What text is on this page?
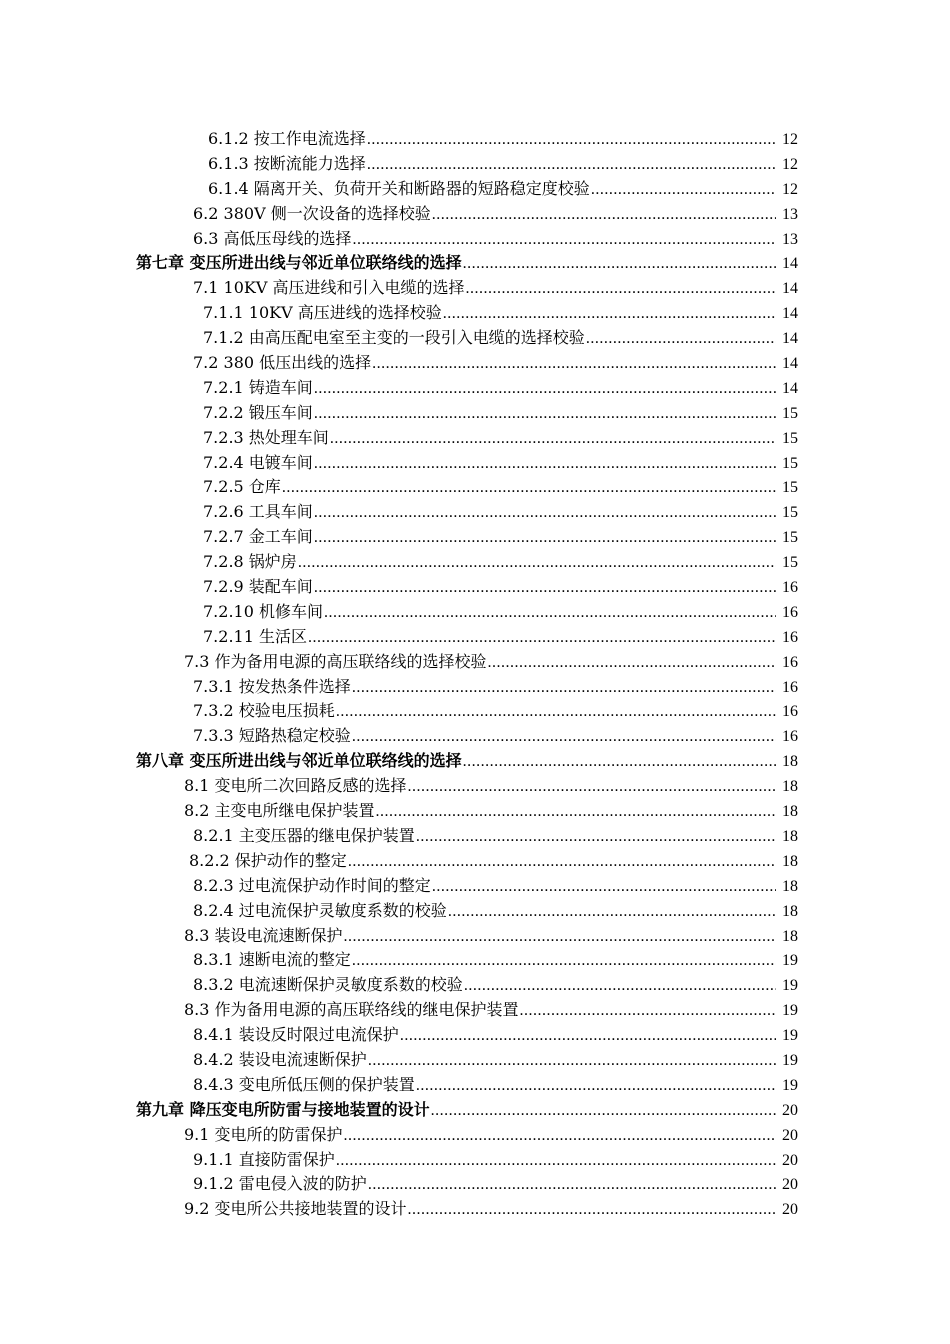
6.1.2 按工作电流选择 .....	12
6.1.3 按断流能力选择 .....	12
6.1.4 隔离开关、负荷开关和断路器的短路稳定度校验 .....	12
6.2 380V 侧一次设备的选择校验 .....	13
6.3 高低压母线的选择 .....	13
第七章 变压所进出线与邻近单位联络线的选择 .....	14
7.1 10KV 高压进线和引入电缆的选择 .....	14
7.1.1 10KV 高压进线的选择校验 .....	14
7.1.2 由高压配电室至主变的一段引入电缆的选择校验 .....	14
7.2 380 低压出线的选择 .....	14
7.2.1 铸造车间 .....	14
7.2.2 锻压车间 .....	15
7.2.3 热处理车间 .....	15
7.2.4 电镀车间 .....	15
7.2.5 仓库 .....	15
7.2.6 工具车间 .....	15
7.2.7 金工车间 .....	15
7.2.8 锅炉房 .....	15
7.2.9 装配车间 .....	16
7.2.10 机修车间 .....	16
7.2.11 生活区 .....	16
7.3 作为备用电源的高压联络线的选择校验 .....	16
7.3.1 按发热条件选择 .....	16
7.3.2 校验电压损耗 .....	16
7.3.3 短路热稳定校验 .....	16
第八章 变压所进出线与邻近单位联络线的选择 .....	18
8.1 变电所二次回路反感的选择 .....	18
8.2 主变电所继电保护装置 .....	18
8.2.1 主变压器的继电保护装置 .....	18
8.2.2 保护动作的整定 .....	18
8.2.3 过电流保护动作时间的整定 .....	18
8.2.4 过电流保护灵敏度系数的校验 .....	18
8.3 装设电流速断保护 .....	18
8.3.1 速断电流的整定 .....	19
8.3.2 电流速断保护灵敏度系数的校验 .....	19
8.3 作为备用电源的高压联络线的继电保护装置 .....	19
8.4.1 装设反时限过电流保护 .....	19
8.4.2 装设电流速断保护 .....	19
8.4.3 变电所低压侧的保护装置 .....	19
第九章 降压变电所防雷与接地装置的设计 .....	20
9.1 变电所的防雷保护 .....	20
9.1.1 直接防雷保护 .....	20
9.1.2 雷电侵入波的防护 .....	20
9.2 变电所公共接地装置的设计 .....	20
